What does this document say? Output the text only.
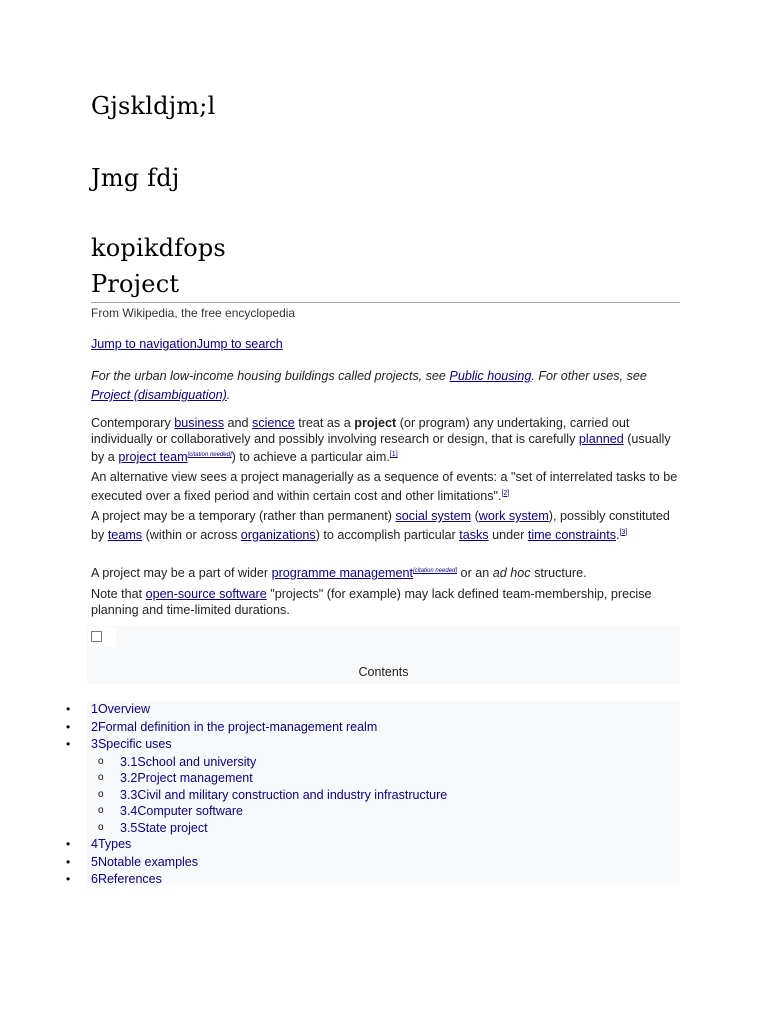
Gjskldjm;l
Jmg fdj
kopikdfops
Project

From Wikipedia, the free encyclopedia

Jump to navigationJump to search

For the urban low-income housing buildings called projects, see Public housing. For other uses, see Project (disambiguation).

Contemporary business and science treat as a project (or program) any undertaking, carried out individually or collaboratively and possibly involving research or design, that is carefully planned (usually by a project team[citation needed]) to achieve a particular aim.[1]

An alternative view sees a project managerially as a sequence of events: a "set of interrelated tasks to be executed over a fixed period and within certain cost and other limitations".[2]

A project may be a temporary (rather than permanent) social system (work system), possibly constituted by teams (within or across organizations) to accomplish particular tasks under time constraints.[3]

A project may be a part of wider programme management[citation needed] or an ad hoc structure.

Note that open-source software "projects" (for example) may lack defined team-membership, precise planning and time-limited durations.

Contents
• 1Overview
• 2Formal definition in the project-management realm
• 3Specific uses
o 3.1School and university
o 3.2Project management
o 3.3Civil and military construction and industry infrastructure
o 3.4Computer software
o 3.5State project
• 4Types
• 5Notable examples
• 6References
